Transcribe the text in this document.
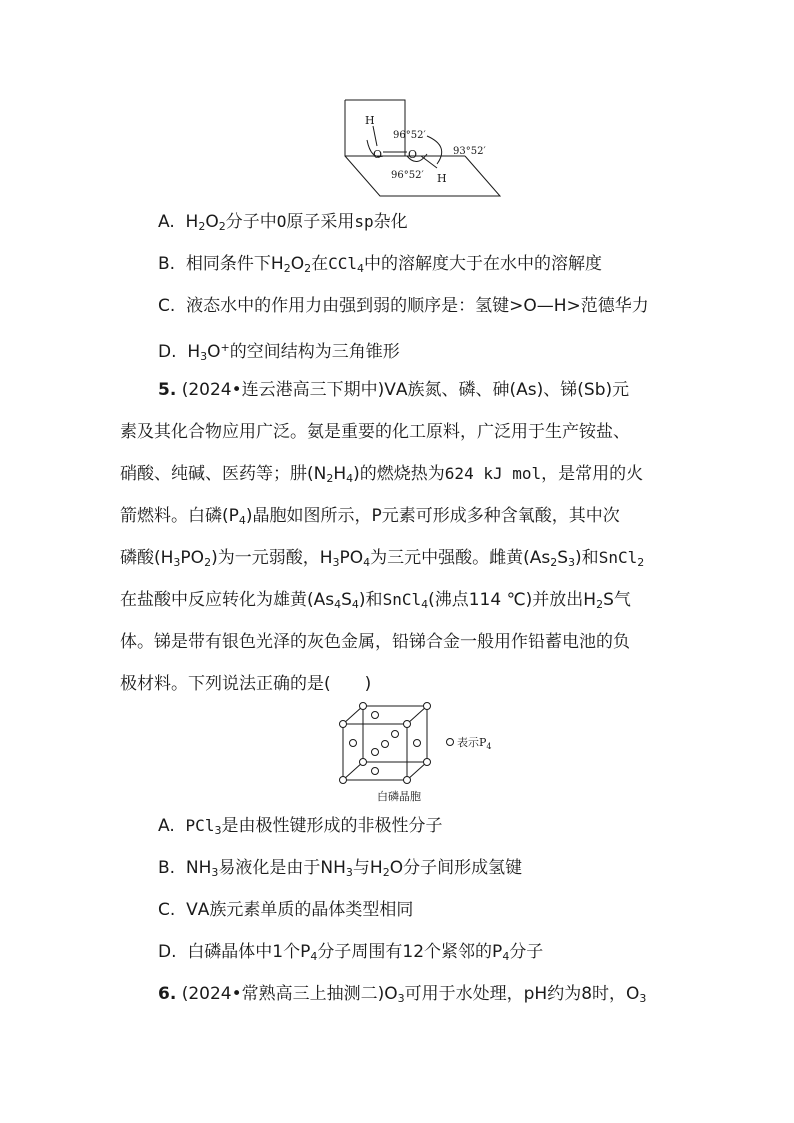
H
O O
H
96°52′
93°52′
96°52′
A. $H_2O_2$分子中O原子采用sp杂化
B. 相同条件下$H_2O_2$在CCl$_4$中的溶解度大于在水中的溶解度
C. 液态水中的作用力由强到弱的顺序是：氢键>O—H>范德华力
D. $H_3O^+$的空间结构为三角锥形
5. (2024•连云港高三下期中)ⅤA族氮、磷、砷(As)、锑(Sb)元
素及其化合物应用广泛。氨是重要的化工原料，广泛用于生产铵盐、
硝酸、纯碱、医药等；肼$(N_2H_4)$的燃烧热为624 kJ mol，是常用的火
箭燃料。白磷$(P_4)$晶胞如图所示，P元素可形成多种含氧酸，其中次
磷酸$(H_3PO_2)$为一元弱酸，$H_3PO_4$为三元中强酸。雌黄$(As_2S_3)$和SnCl$_2$
在盐酸中反应转化为雄黄$(As_4S_4)$和SnCl$_4$(沸点114 ℃)并放出$H_2S$气
体。锑是带有银色光泽的灰色金属，铅锑合金一般用作铅蓄电池的负
极材料。下列说法正确的是(　　)
表示$P_4$
白磷晶胞
A. PCl$_3$是由极性键形成的非极性分子
B. $NH_3$易液化是由于$NH_3$与$H_2O$分子间形成氢键
C. ⅤA族元素单质的晶体类型相同
D. 白磷晶体中1个$P_4$分子周围有12个紧邻的$P_4$分子
6. (2024•常熟高三上抽测二)$O_3$可用于水处理，pH约为8时，$O_3$
